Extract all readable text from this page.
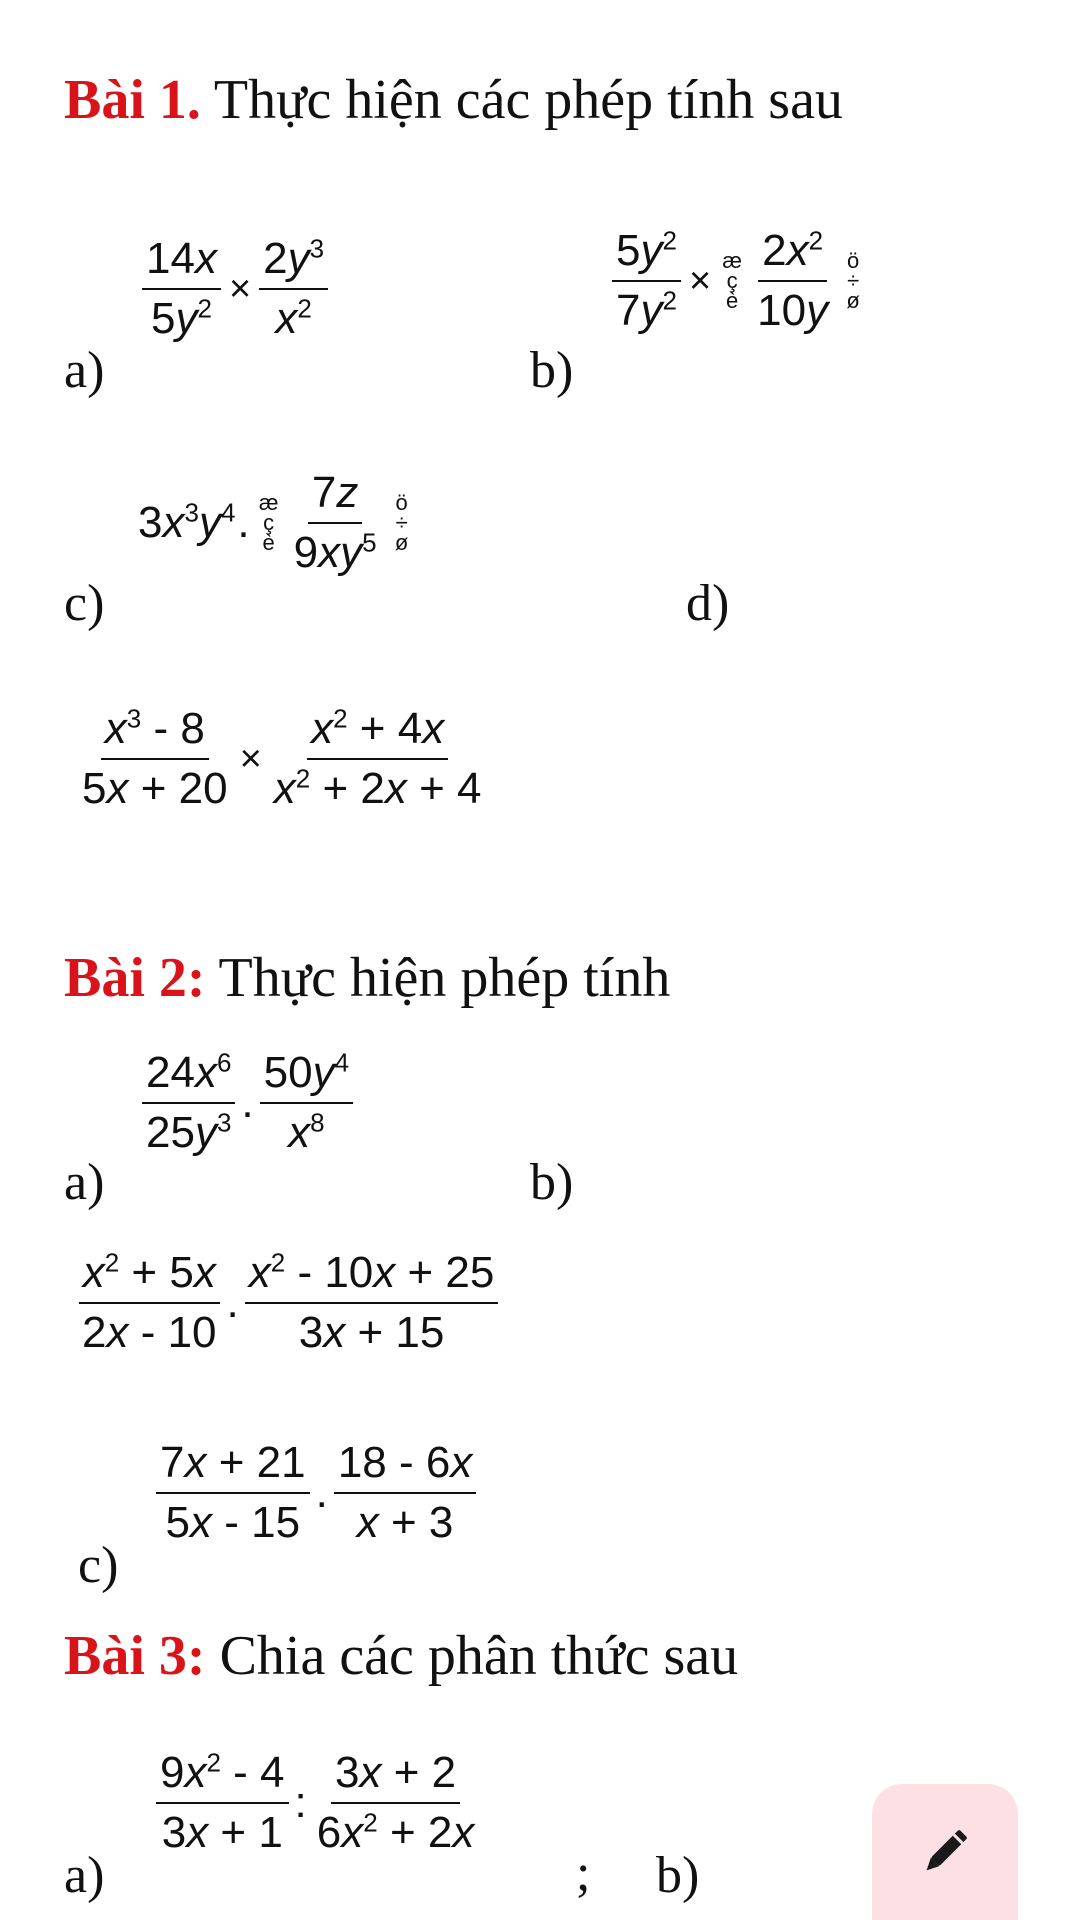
Bài 1. Thực hiện các phép tính sau
a)
$\frac{14x}{5y^2} \times \frac{2y^3}{x^2}$
b)
$\frac{5y^2}{7y^2}$ × æ
ç
è $\frac{2x^2}{10y}$ ö
÷
ø
c)
$3x^3y^4$ . æ
ç
è $\frac{7z}{9xy^5}$ ö
÷
ø
d)
$\frac{x^3 - 8}{5x + 20} \times \frac{x^2 + 4x}{x^2 + 2x + 4}$
Bài 2: Thực hiện phép tính
a)
$\frac{24x^6}{25y^3}$ . $\frac{50y^4}{x^8}$
b)
$\frac{x^2 + 5x}{2x - 10}$ . $\frac{x^2 - 10x + 25}{3x + 15}$
c)
$\frac{7x + 21}{5x - 15}$ . $\frac{18 - 6x}{x + 3}$
Bài 3: Chia các phân thức sau
a)
$\frac{9x^2 - 4}{3x + 1}$ : $\frac{3x + 2}{6x^2 + 2x}$
; b)
